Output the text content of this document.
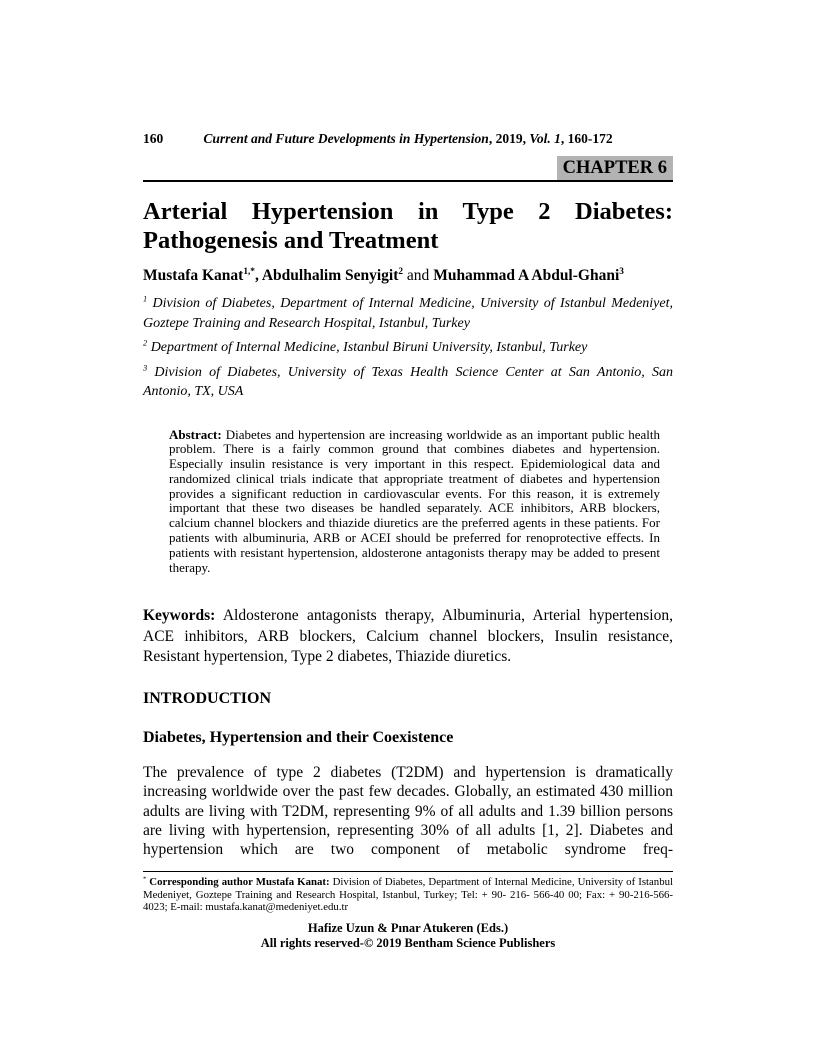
160	Current and Future Developments in Hypertension, 2019, Vol. 1, 160-172
CHAPTER 6
Arterial Hypertension in Type 2 Diabetes: Pathogenesis and Treatment

Mustafa Kanat$^{1,*}$, Abdulhalim Senyigit$^2$ and Muhammad A Abdul-Ghani$^3$

$^1$ Division of Diabetes, Department of Internal Medicine, University of Istanbul Medeniyet, Goztepe Training and Research Hospital, Istanbul, Turkey

$^2$ Department of Internal Medicine, Istanbul Biruni University, Istanbul, Turkey

$^3$ Division of Diabetes, University of Texas Health Science Center at San Antonio, San Antonio, TX, USA

Abstract: Diabetes and hypertension are increasing worldwide as an important public health problem. There is a fairly common ground that combines diabetes and hypertension. Especially insulin resistance is very important in this respect. Epidemiological data and randomized clinical trials indicate that appropriate treatment of diabetes and hypertension provides a significant reduction in cardiovascular events. For this reason, it is extremely important that these two diseases be handled separately. ACE inhibitors, ARB blockers, calcium channel blockers and thiazide diuretics are the preferred agents in these patients. For patients with albuminuria, ARB or ACEI should be preferred for renoprotective effects. In patients with resistant hypertension, aldosterone antagonists therapy may be added to present therapy.

Keywords: Aldosterone antagonists therapy, Albuminuria, Arterial hypertension, ACE inhibitors, ARB blockers, Calcium channel blockers, Insulin resistance, Resistant hypertension, Type 2 diabetes, Thiazide diuretics.

INTRODUCTION
Diabetes, Hypertension and their Coexistence

The prevalence of type 2 diabetes (T2DM) and hypertension is dramatically increasing worldwide over the past few decades. Globally, an estimated 430 million adults are living with T2DM, representing 9% of all adults and 1.39 billion persons are living with hypertension, representing 30% of all adults [1, 2]. Diabetes and hypertension which are two component of metabolic syndrome freq-

* Corresponding author Mustafa Kanat: Division of Diabetes, Department of Internal Medicine, University of Istanbul Medeniyet, Goztepe Training and Research Hospital, Istanbul, Turkey; Tel: + 90- 216- 566-40 00; Fax: + 90-216-566-4023; E-mail: mustafa.kanat@medeniyet.edu.tr
Hafize Uzun & Pınar Atukeren (Eds.)
All rights reserved-© 2019 Bentham Science Publishers
